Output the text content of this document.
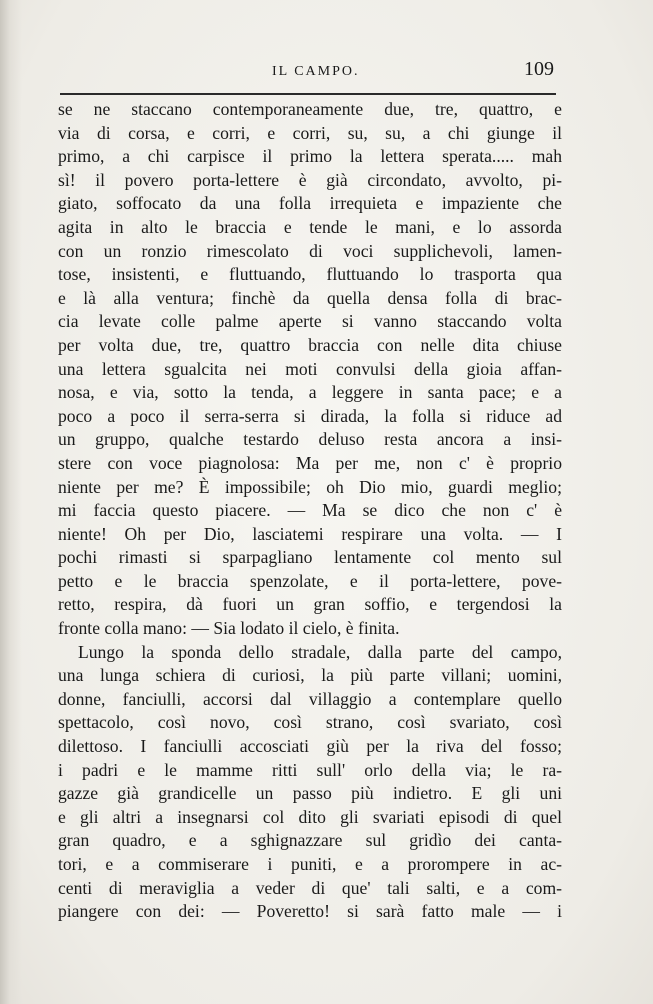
IL CAMPO.	109
se ne staccano contemporaneamente due, tre, quattro, e
via di corsa, e corri, e corri, su, su, a chi giunge il
primo, a chi carpisce il primo la lettera sperata..... mah
sì! il povero porta-lettere è già circondato, avvolto, pi-
giato, soffocato da una folla irrequieta e impaziente che
agita in alto le braccia e tende le mani, e lo assorda
con un ronzio rimescolato di voci supplichevoli, lamen-
tose, insistenti, e fluttuando, fluttuando lo trasporta qua
e là alla ventura; finchè da quella densa folla di brac-
cia levate colle palme aperte si vanno staccando volta
per volta due, tre, quattro braccia con nelle dita chiuse
una lettera sgualcita nei moti convulsi della gioia affan-
nosa, e via, sotto la tenda, a leggere in santa pace; e a
poco a poco il serra-serra si dirada, la folla si riduce ad
un gruppo, qualche testardo deluso resta ancora a insi-
stere con voce piagnolosa: Ma per me, non c' è proprio
niente per me? È impossibile; oh Dio mio, guardi meglio;
mi faccia questo piacere. — Ma se dico che non c' è
niente! Oh per Dio, lasciatemi respirare una volta. — I
pochi rimasti si sparpagliano lentamente col mento sul
petto e le braccia spenzolate, e il porta-lettere, pove-
retto, respira, dà fuori un gran soffio, e tergendosi la
fronte colla mano: — Sia lodato il cielo, è finita.
Lungo la sponda dello stradale, dalla parte del campo,
una lunga schiera di curiosi, la più parte villani; uomini,
donne, fanciulli, accorsi dal villaggio a contemplare quello
spettacolo, così novo, così strano, così svariato, così
dilettoso. I fanciulli accosciati giù per la riva del fosso;
i padri e le mamme ritti sull' orlo della via; le ra-
gazze già grandicelle un passo più indietro. E gli uni
e gli altri a insegnarsi col dito gli svariati episodi di quel
gran quadro, e a sghignazzare sul gridìo dei canta-
tori, e a commiserare i puniti, e a prorompere in ac-
centi di meraviglia a veder di que' tali salti, e a com-
piangere con dei: — Poveretto! si sarà fatto male — i
